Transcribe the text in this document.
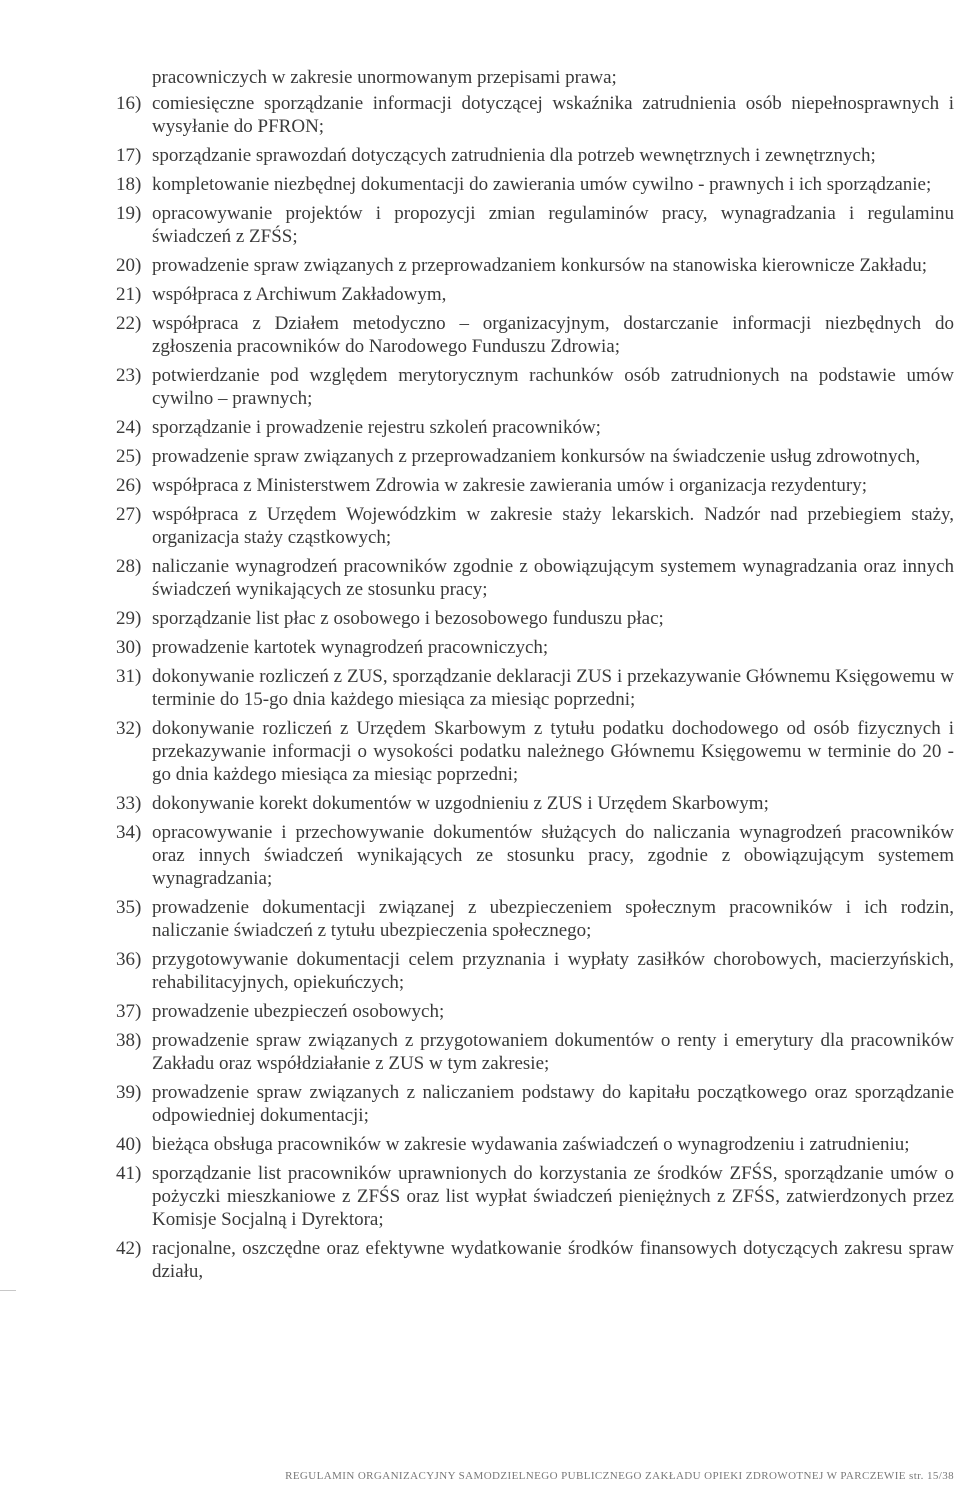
pracowniczych w zakresie unormowanym przepisami prawa;

16) comiesięczne sporządzanie informacji dotyczącej wskaźnika zatrudnienia osób niepełnosprawnych i wysyłanie do PFRON;
17) sporządzanie sprawozdań dotyczących zatrudnienia dla potrzeb wewnętrznych i zewnętrznych;
18) kompletowanie niezbędnej dokumentacji do zawierania umów cywilno - prawnych i ich sporządzanie;
19) opracowywanie projektów i propozycji zmian regulaminów pracy, wynagradzania i regulaminu świadczeń z ZFŚS;
20) prowadzenie spraw związanych z przeprowadzaniem konkursów na stanowiska kierownicze Zakładu;
21) współpraca z Archiwum Zakładowym,
22) współpraca z Działem metodyczno – organizacyjnym, dostarczanie informacji niezbędnych do zgłoszenia pracowników do Narodowego Funduszu Zdrowia;
23) potwierdzanie pod względem merytorycznym rachunków osób zatrudnionych na podstawie umów cywilno – prawnych;
24) sporządzanie i prowadzenie rejestru szkoleń pracowników;
25) prowadzenie spraw związanych z przeprowadzaniem konkursów na świadczenie usług zdrowotnych,
26) współpraca z Ministerstwem Zdrowia w zakresie zawierania umów i organizacja rezydentury;
27) współpraca z Urzędem Wojewódzkim w zakresie staży lekarskich. Nadzór nad przebiegiem staży, organizacja staży cząstkowych;
28) naliczanie wynagrodzeń pracowników zgodnie z obowiązującym systemem wynagradzania oraz innych świadczeń wynikających ze stosunku pracy;
29) sporządzanie list płac z osobowego i bezosobowego funduszu płac;
30) prowadzenie kartotek wynagrodzeń pracowniczych;
31) dokonywanie rozliczeń z ZUS, sporządzanie deklaracji ZUS i przekazywanie Głównemu Księgowemu w terminie do 15-go dnia każdego miesiąca za miesiąc poprzedni;
32) dokonywanie rozliczeń z Urzędem Skarbowym z tytułu podatku dochodowego od osób fizycznych i przekazywanie informacji o wysokości podatku należnego Głównemu Księgowemu w terminie do 20 - go dnia każdego miesiąca za miesiąc poprzedni;
33) dokonywanie korekt dokumentów w uzgodnieniu z ZUS i Urzędem Skarbowym;
34) opracowywanie i przechowywanie dokumentów służących do naliczania wynagrodzeń pracowników oraz innych świadczeń wynikających ze stosunku pracy, zgodnie z obowiązującym systemem wynagradzania;
35) prowadzenie dokumentacji związanej z ubezpieczeniem społecznym pracowników i ich rodzin, naliczanie świadczeń z tytułu ubezpieczenia społecznego;
36) przygotowywanie dokumentacji celem przyznania i wypłaty zasiłków chorobowych, macierzyńskich, rehabilitacyjnych, opiekuńczych;
37) prowadzenie ubezpieczeń osobowych;
38) prowadzenie spraw związanych z przygotowaniem dokumentów o renty i emerytury dla pracowników Zakładu oraz współdziałanie z ZUS w tym zakresie;
39) prowadzenie spraw związanych z naliczaniem podstawy do kapitału początkowego oraz sporządzanie odpowiedniej dokumentacji;
40) bieżąca obsługa pracowników w zakresie wydawania zaświadczeń o wynagrodzeniu i zatrudnieniu;
41) sporządzanie list pracowników uprawnionych do korzystania ze środków ZFŚS, sporządzanie umów o pożyczki mieszkaniowe z ZFŚS oraz list wypłat świadczeń pieniężnych z ZFŚS, zatwierdzonych przez Komisje Socjalną i Dyrektora;
42) racjonalne, oszczędne oraz efektywne wydatkowanie środków finansowych dotyczących zakresu spraw działu,
REGULAMIN ORGANIZACYJNY SAMODZIELNEGO PUBLICZNEGO ZAKŁADU OPIEKI ZDROWOTNEJ W PARCZEWIE str. 15/38
